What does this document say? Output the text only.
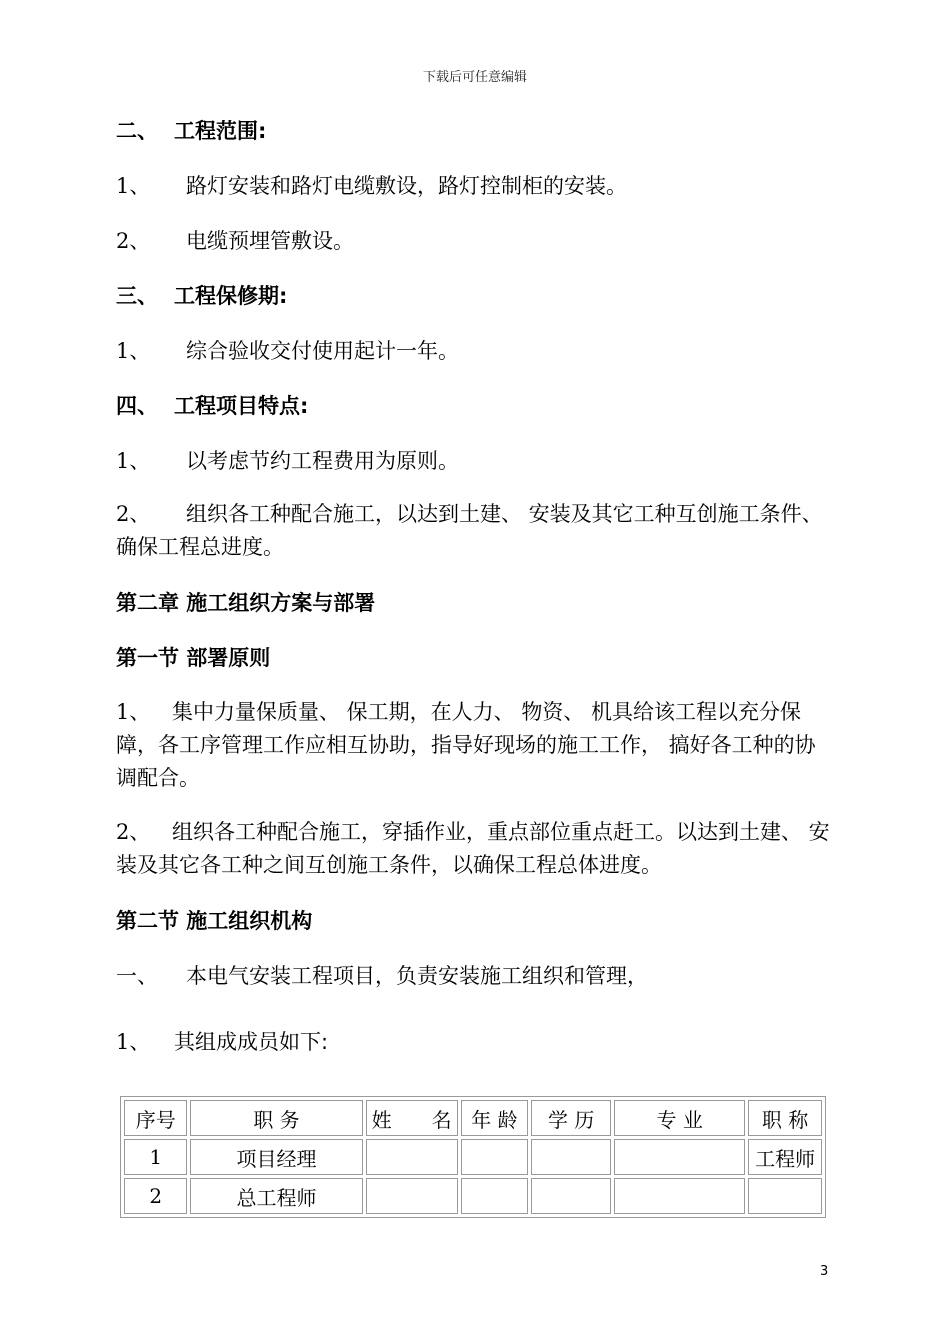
下载后可任意编辑
二、 工程范围:
1、 路灯安装和路灯电缆敷设，路灯控制柜的安装。
2、 电缆预埋管敷设。
三、 工程保修期:
1、 综合验收交付使用起计一年。
四、 工程项目特点:
1、 以考虑节约工程费用为原则。
2、 组织各工种配合施工，以达到土建、 安装及其它工种互创施工条件、 确保工程总进度。
第二章 施工组织方案与部署
第一节 部署原则
1、 集中力量保质量、 保工期，在人力、 物资、 机具给该工程以充分保障，各工序管理工作应相互协助，指导好现场的施工工作， 搞好各工种的协调配合。
2、 组织各工种配合施工，穿插作业，重点部位重点赶工。以达到土建、 安装及其它各工种之间互创施工条件，以确保工程总体进度。
第二节 施工组织机构
一、 本电气安装工程项目，负责安装施工组织和管理，
1、 其组成成员如下:
序号	职 务	姓　　名	年 龄	学 历	专 业	职 称
1	项目经理					工程师
2	总工程师					
3
